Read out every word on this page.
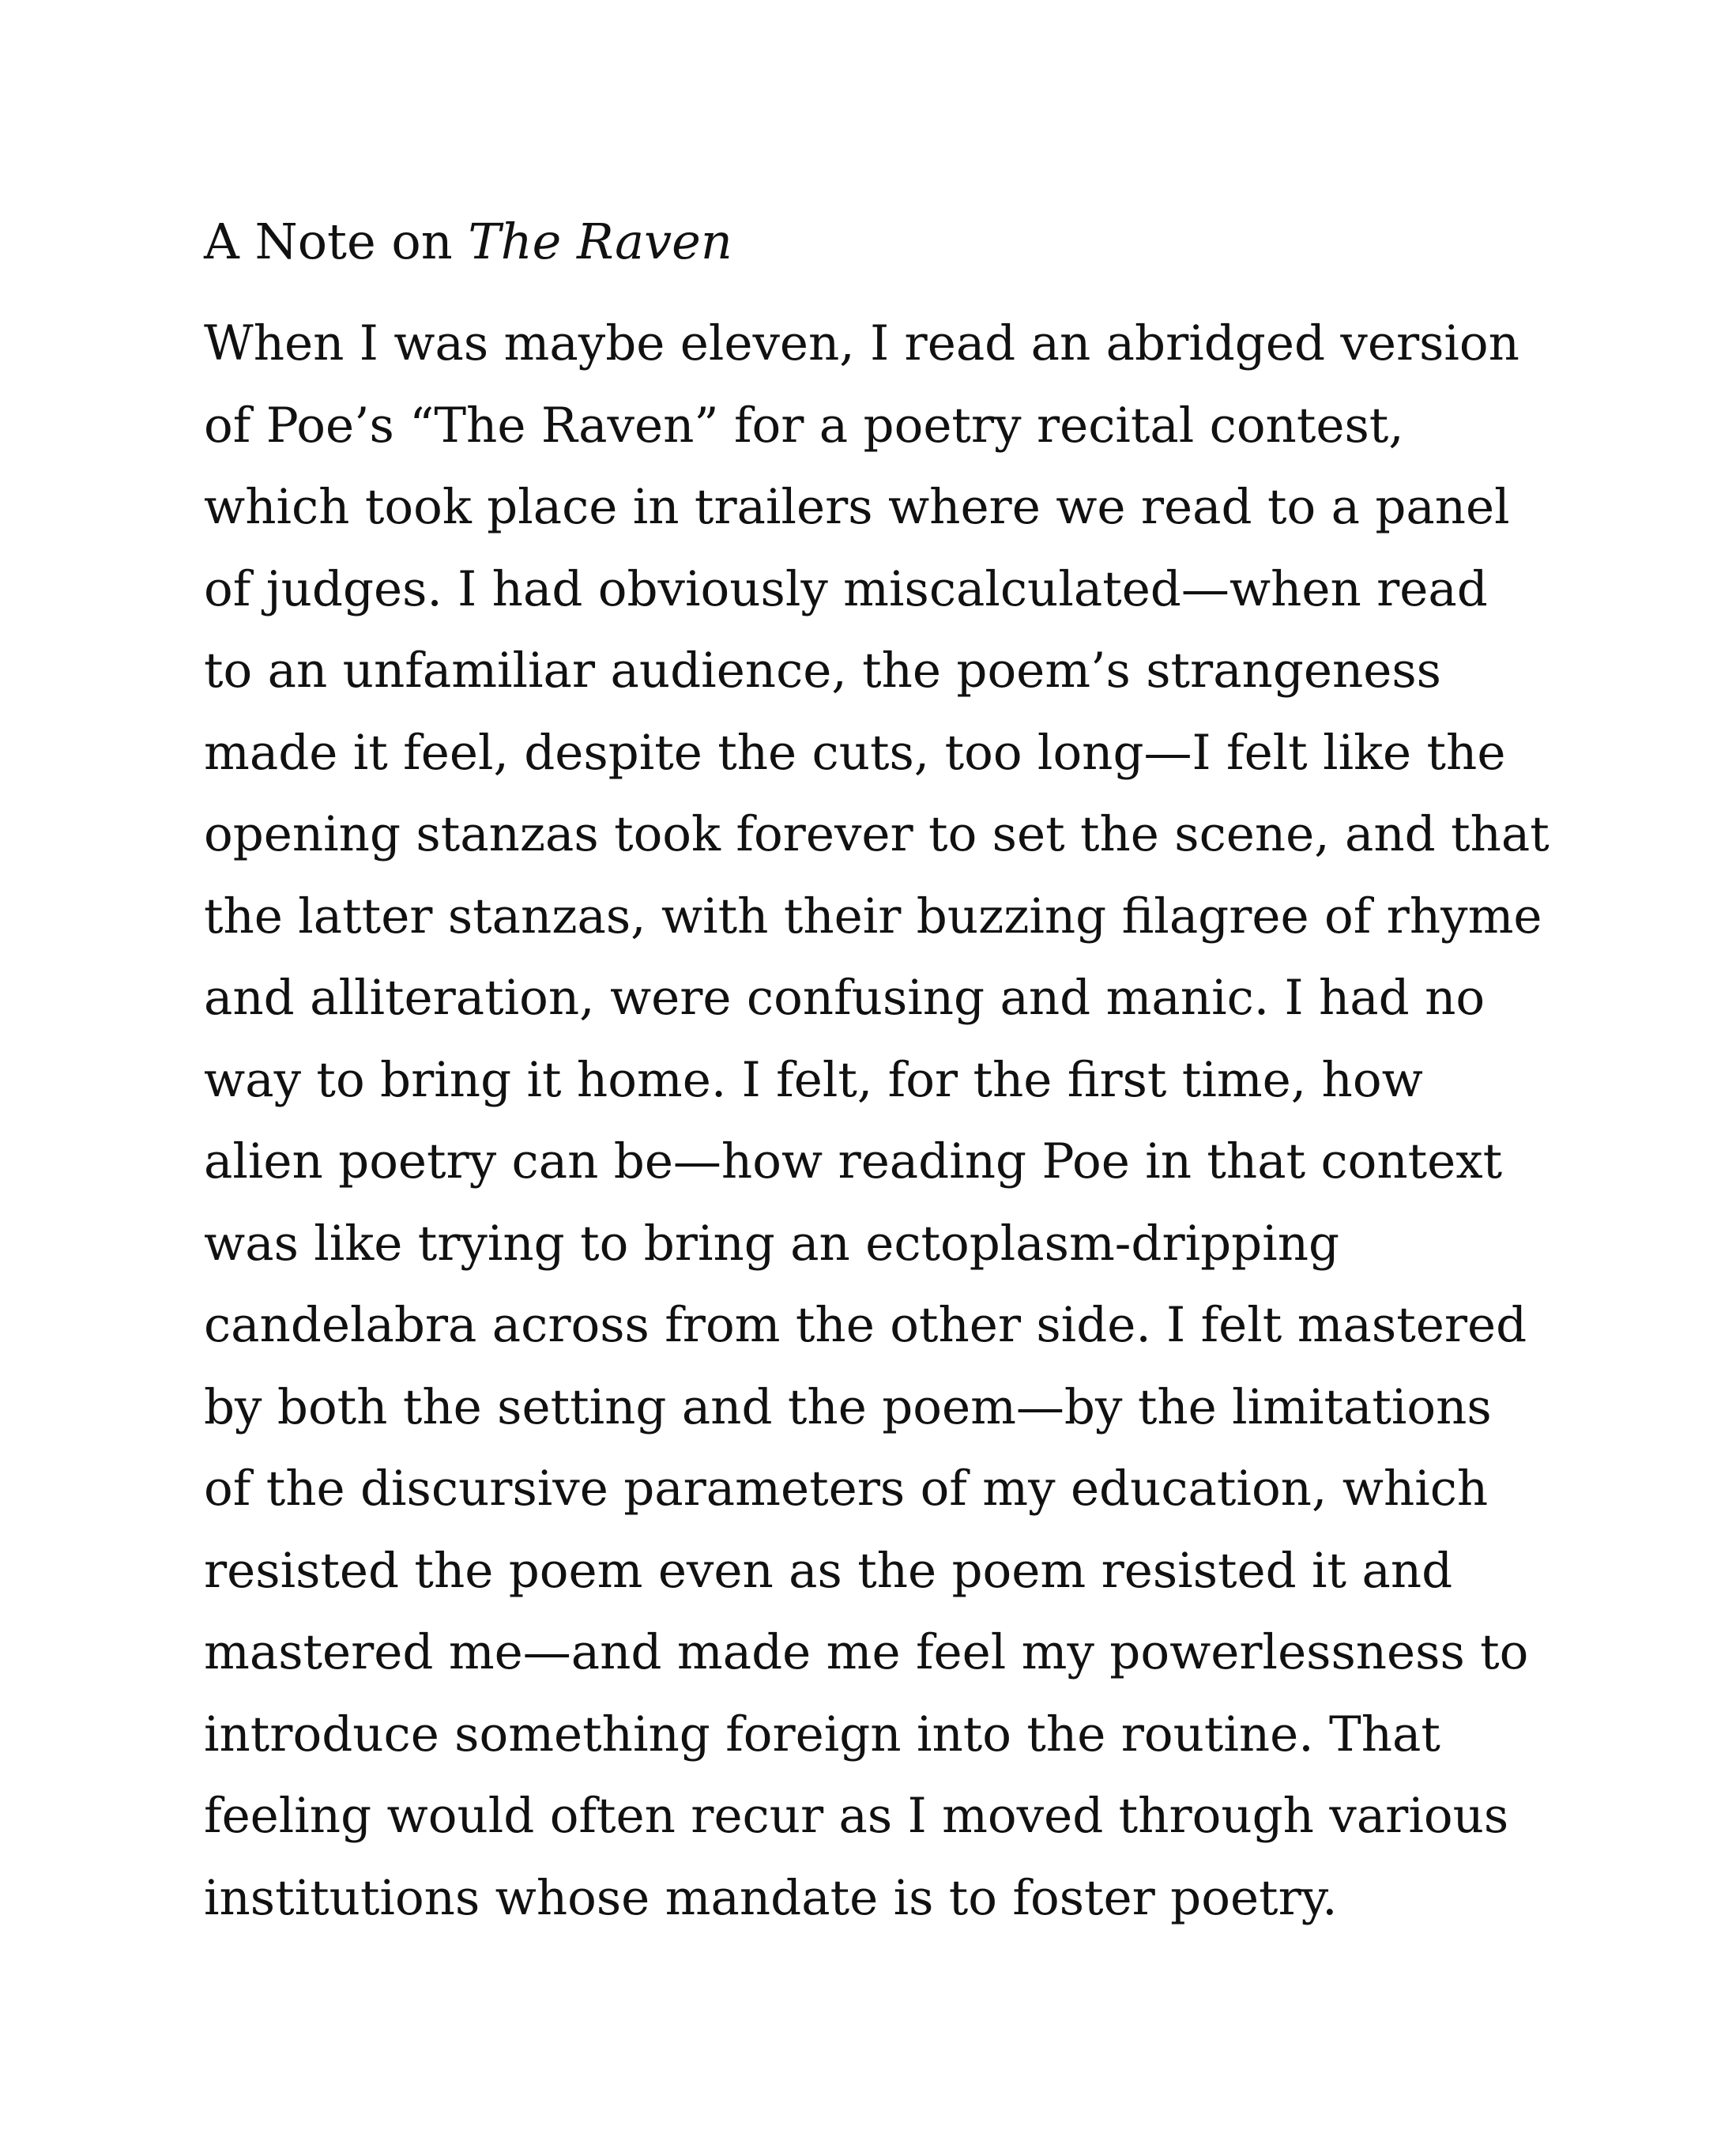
A Note on The Raven
When I was maybe eleven, I read an abridged version
of Poe’s “The Raven” for a poetry recital contest,
which took place in trailers where we read to a panel
of judges. I had obviously miscalculated—when read
to an unfamiliar audience, the poem’s strangeness
made it feel, despite the cuts, too long—I felt like the
opening stanzas took forever to set the scene, and that
the latter stanzas, with their buzzing filagree of rhyme
and alliteration, were confusing and manic. I had no
way to bring it home. I felt, for the first time, how
alien poetry can be—how reading Poe in that context
was like trying to bring an ectoplasm-dripping
candelabra across from the other side. I felt mastered
by both the setting and the poem—by the limitations
of the discursive parameters of my education, which
resisted the poem even as the poem resisted it and
mastered me—and made me feel my powerlessness to
introduce something foreign into the routine. That
feeling would often recur as I moved through various
institutions whose mandate is to foster poetry.
